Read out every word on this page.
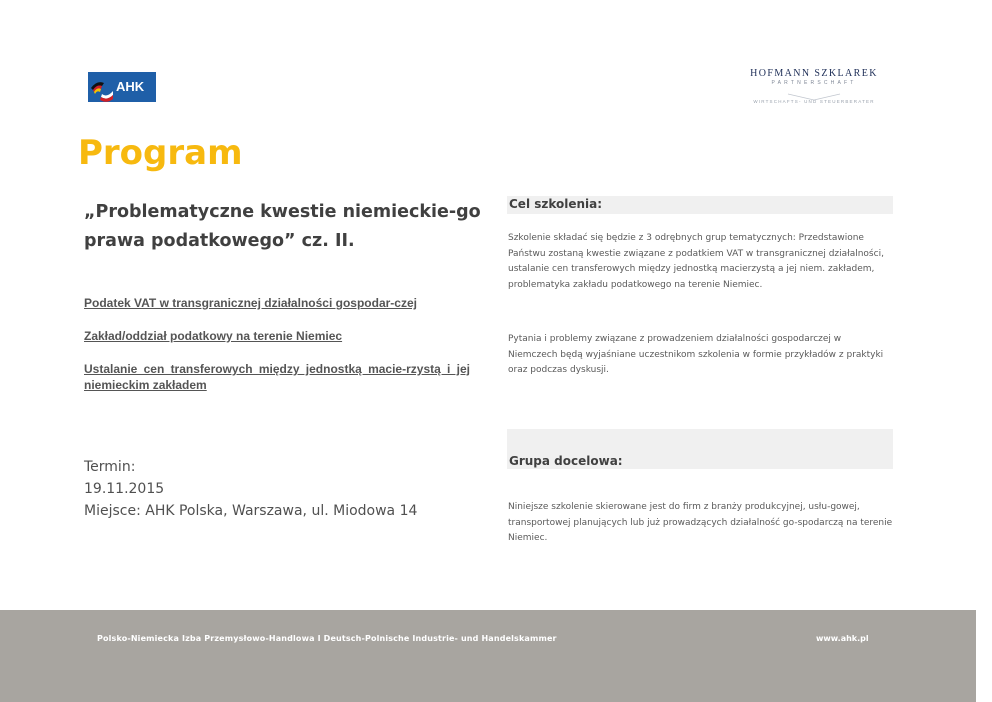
AHK
HOFMANN SZKLAREK
PARTNERSCHAFT
WIRTSCHAFTS- UND STEUERBERATER
Program

„Problematyczne kwestie niemieckie-go prawa podatkowego” cz. II.

Podatek VAT w transgranicznej działalności gospodar-czej
Zakład/oddział podatkowy na terenie Niemiec
Ustalanie cen transferowych między jednostką macie-rzystą i jej niemieckim zakładem
Termin:
19.11.2015
Miejsce: AHK Polska, Warszawa, ul. Miodowa 14
Cel szkolenia:

Szkolenie składać się będzie z 3 odrębnych grup tematycznych: Przedstawione Państwu zostaną kwestie związane z podatkiem VAT w transgranicznej działalności, ustalanie cen transferowych między jednostką macierzystą a jej niem. zakładem, problematyka zakładu podatkowego na terenie Niemiec.

Pytania i problemy związane z prowadzeniem działalności gospodarczej w Niemczech będą wyjaśniane uczestnikom szkolenia w formie przykładów z praktyki oraz podczas dyskusji.

Grupa docelowa:

Niniejsze szkolenie skierowane jest do firm z branży produkcyjnej, usłu-gowej, transportowej planujących lub już prowadzących działalność go-spodarczą na terenie Niemiec.

Polsko-Niemiecka Izba Przemysłowo-Handlowa I Deutsch-Polnische Industrie- und Handelskammer	www.ahk.pl
